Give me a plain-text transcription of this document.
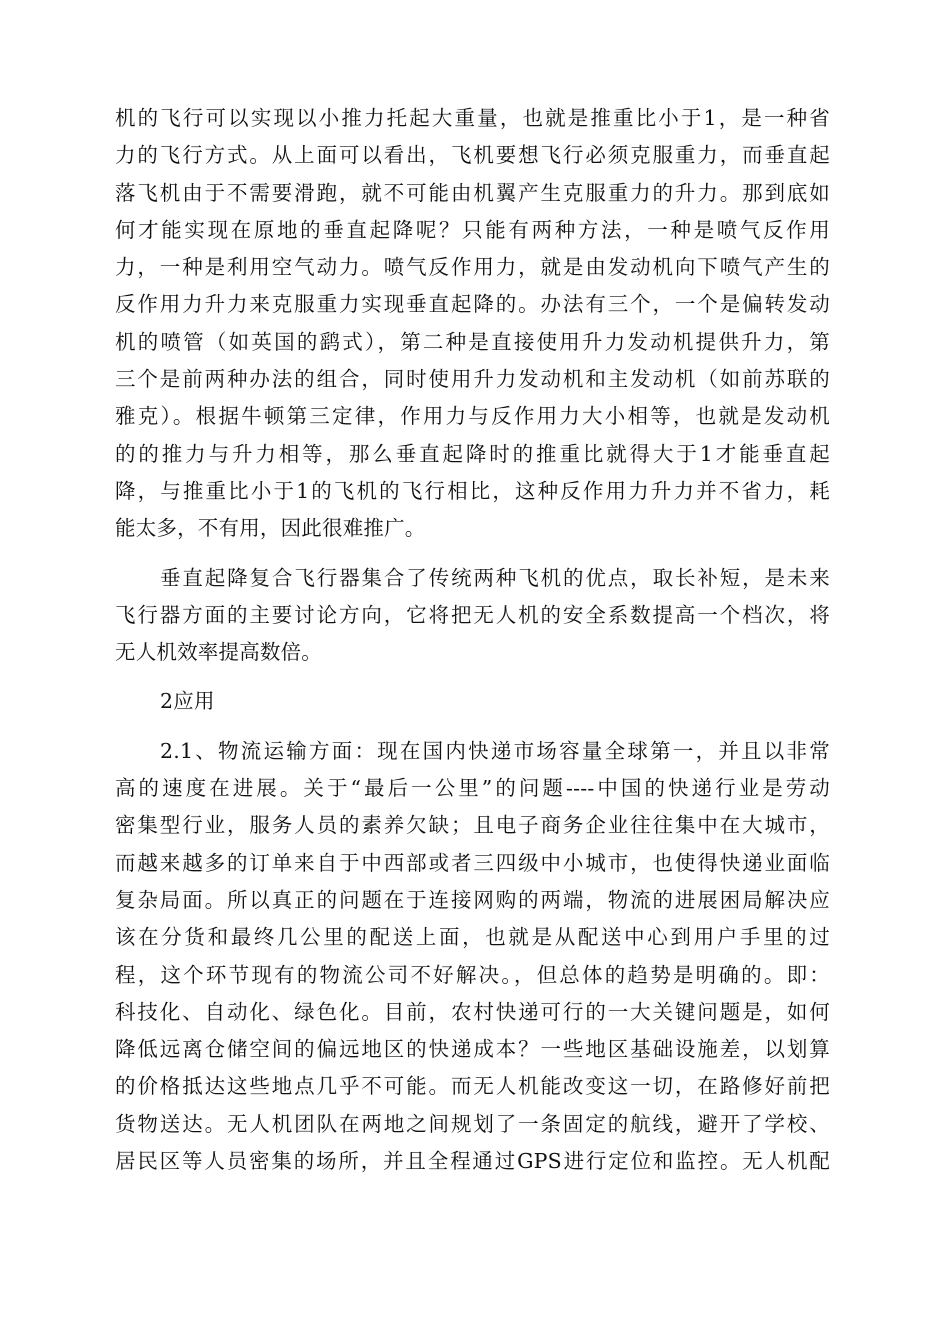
机的飞行可以实现以小推力托起大重量，也就是推重比小于1，是一种省
力的飞行方式。从上面可以看出，飞机要想飞行必须克服重力，而垂直起
落飞机由于不需要滑跑，就不可能由机翼产生克服重力的升力。那到底如
何才能实现在原地的垂直起降呢？只能有两种方法，一种是喷气反作用
力，一种是利用空气动力。喷气反作用力，就是由发动机向下喷气产生的
反作用力升力来克服重力实现垂直起降的。办法有三个，一个是偏转发动
机的喷管（如英国的鹞式），第二种是直接使用升力发动机提供升力，第
三个是前两种办法的组合，同时使用升力发动机和主发动机（如前苏联的
雅克）。根据牛顿第三定律，作用力与反作用力大小相等，也就是发动机
的的推力与升力相等，那么垂直起降时的推重比就得大于1才能垂直起
降，与推重比小于1的飞机的飞行相比，这种反作用力升力并不省力，耗
能太多，不有用，因此很难推广。
垂直起降复合飞行器集合了传统两种飞机的优点，取长补短，是未来
飞行器方面的主要讨论方向，它将把无人机的安全系数提高一个档次，将
无人机效率提高数倍。
2应用
2.1、物流运输方面：现在国内快递市场容量全球第一，并且以非常
高的速度在进展。关于“最后一公里”的问题----中国的快递行业是劳动
密集型行业，服务人员的素养欠缺；且电子商务企业往往集中在大城市，
而越来越多的订单来自于中西部或者三四级中小城市，也使得快递业面临
复杂局面。所以真正的问题在于连接网购的两端，物流的进展困局解决应
该在分货和最终几公里的配送上面，也就是从配送中心到用户手里的过
程，这个环节现有的物流公司不好解决。，但总体的趋势是明确的。即：
科技化、自动化、绿色化。目前，农村快递可行的一大关键问题是，如何
降低远离仓储空间的偏远地区的快递成本？一些地区基础设施差，以划算
的价格抵达这些地点几乎不可能。而无人机能改变这一切，在路修好前把
货物送达。无人机团队在两地之间规划了一条固定的航线，避开了学校、
居民区等人员密集的场所，并且全程通过GPS进行定位和监控。无人机配
